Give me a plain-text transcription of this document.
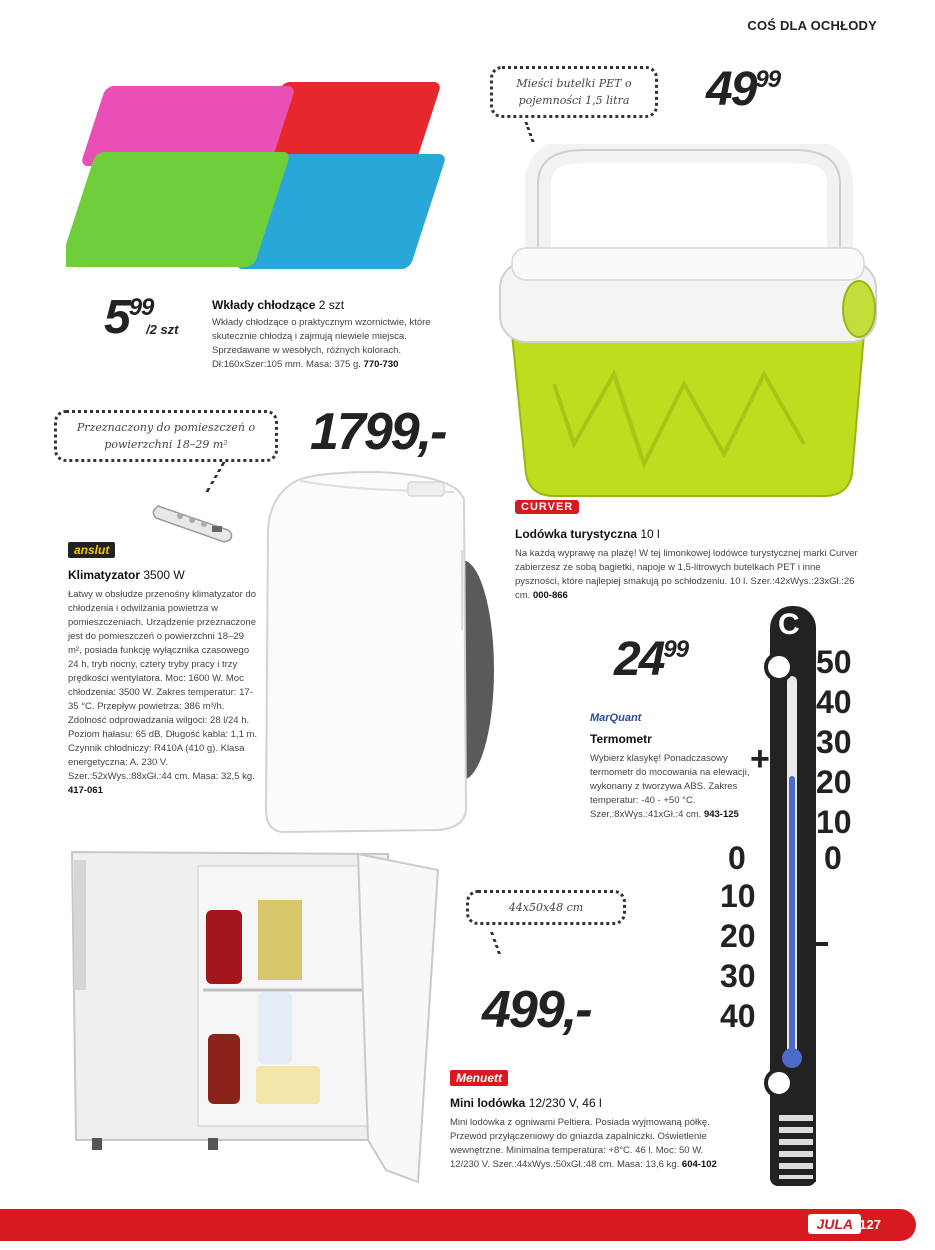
COŚ DLA OCHŁODY
599
/2 szt
Wkłady chłodzące 2 szt
Wkłady chłodzące o praktycznym wzornictwie, które skutecznie chłodzą i zajmują niewiele miejsca. Sprzedawane w wesołych, różnych kolorach. Dł:160xSzer:105 mm. Masa: 375 g. 770-730
Mieści butelki PET o pojemności 1,5 litra	4999
CURVER
Lodówka turystyczna 10 l
Na każdą wyprawę na plażę! W tej limonkowej lodówce turystycznej marki Curver zabierzesz ze sobą bagietki, napoje w 1,5-litrowych butelkach PET i inne pyszności, które najlepiej smakują po schłodzeniu. 10 l. Szer.:42xWys.:23xGł.:26 cm. 000-866
Przeznaczony do pomieszczeń o powierzchni 18–29 m²	1799,-
anslut
Klimatyzator 3500 W
Łatwy w obsłudze przenośny klimatyzator do chłodzenia i odwilżania powietrza w pomieszczeniach. Urządzenie przeznaczone jest do pomieszczeń o powierzchni 18–29 m², posiada funkcję wyłącznika czasowego 24 h, tryb nocny, cztery tryby pracy i trzy prędkości wentylatora. Moc: 1600 W. Moc chłodzenia: 3500 W. Zakres temperatur: 17-35 °C. Przepływ powietrza: 386 m³/h. Zdolność odprowadzania wilgoci: 28 l/24 h. Poziom hałasu: 65 dB. Długość kabla: 1,1 m. Czynnik chłodniczy: R410A (410 g). Klasa energetyczna: A. 230 V. Szer.:52xWys.:88xGł.:44 cm. Masa: 32,5 kg. 417-061
2499
MarQuant
Termometr
Wybierz klasykę! Ponadczasowy termometr do mocowania na elewacji, wykonany z tworzywa ABS. Zakres temperatur: -40 - +50 °C. Szer.:8xWys.:41xGł.:4 cm. 943-125
C
+
50
40
30
20
10
0 0
10
20
30
40
44x50x48 cm
499,-
Menuett
Mini lodówka 12/230 V, 46 l
Mini lodówka z ogniwami Peltiera. Posiada wyjmowaną półkę. Przewód przyłączeniowy do gniazda zapalniczki. Oświetlenie wewnętrzne. Minimalna temperatura: +8°C. 46 l. Moc: 50 W. 12/230 V. Szer.:44xWys.:50xGł.:48 cm. Masa: 13,6 kg. 604-102
JULA 127
